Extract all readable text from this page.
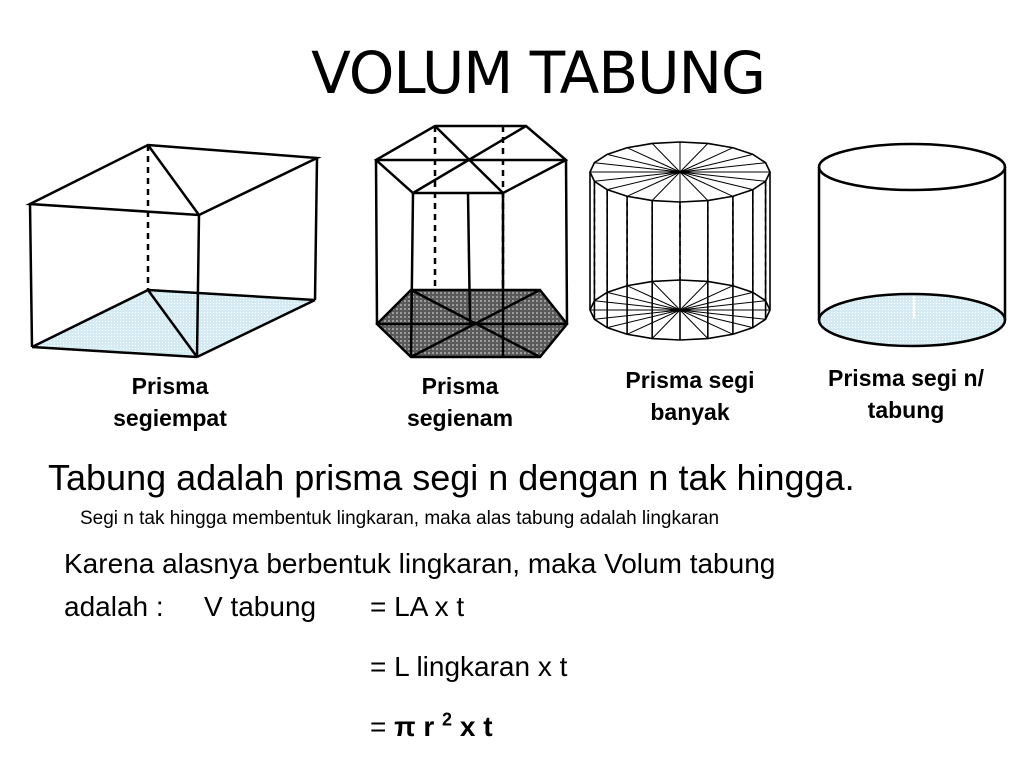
VOLUM TABUNG
Prisma
segiempat
Prisma
segienam
Prisma segi
banyak
Prisma segi n/
tabung
Tabung adalah prisma segi n dengan n tak hingga.
Segi n tak hingga membentuk lingkaran, maka alas tabung adalah lingkaran
Karena alasnya berbentuk lingkaran, maka Volum tabung
adalah : V tabung = LA x t
= L lingkaran x t
= π r $^2$ x t
